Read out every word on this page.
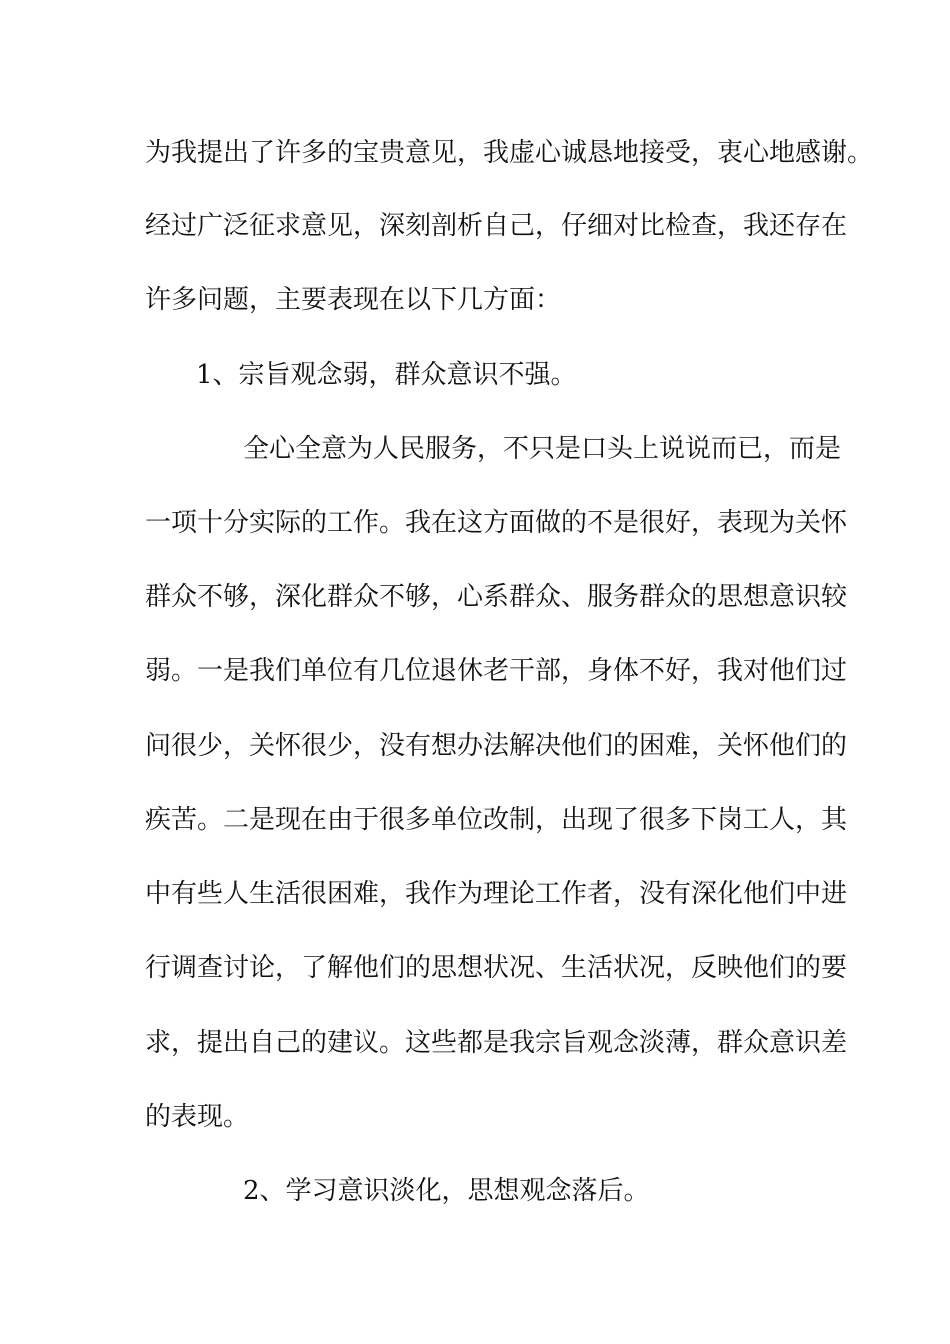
为我提出了许多的宝贵意见，我虚心诚恳地接受，衷心地感谢。
经过广泛征求意见，深刻剖析自己，仔细对比检查，我还存在
许多问题，主要表现在以下几方面：
1、宗旨观念弱，群众意识不强。
全心全意为人民服务，不只是口头上说说而已，而是
一项十分实际的工作。我在这方面做的不是很好，表现为关怀
群众不够，深化群众不够，心系群众、服务群众的思想意识较
弱。一是我们单位有几位退休老干部，身体不好，我对他们过
问很少，关怀很少，没有想办法解决他们的困难，关怀他们的
疾苦。二是现在由于很多单位改制，出现了很多下岗工人，其
中有些人生活很困难，我作为理论工作者，没有深化他们中进
行调查讨论，了解他们的思想状况、生活状况，反映他们的要
求，提出自己的建议。这些都是我宗旨观念淡薄，群众意识差
的表现。
2、学习意识淡化，思想观念落后。
